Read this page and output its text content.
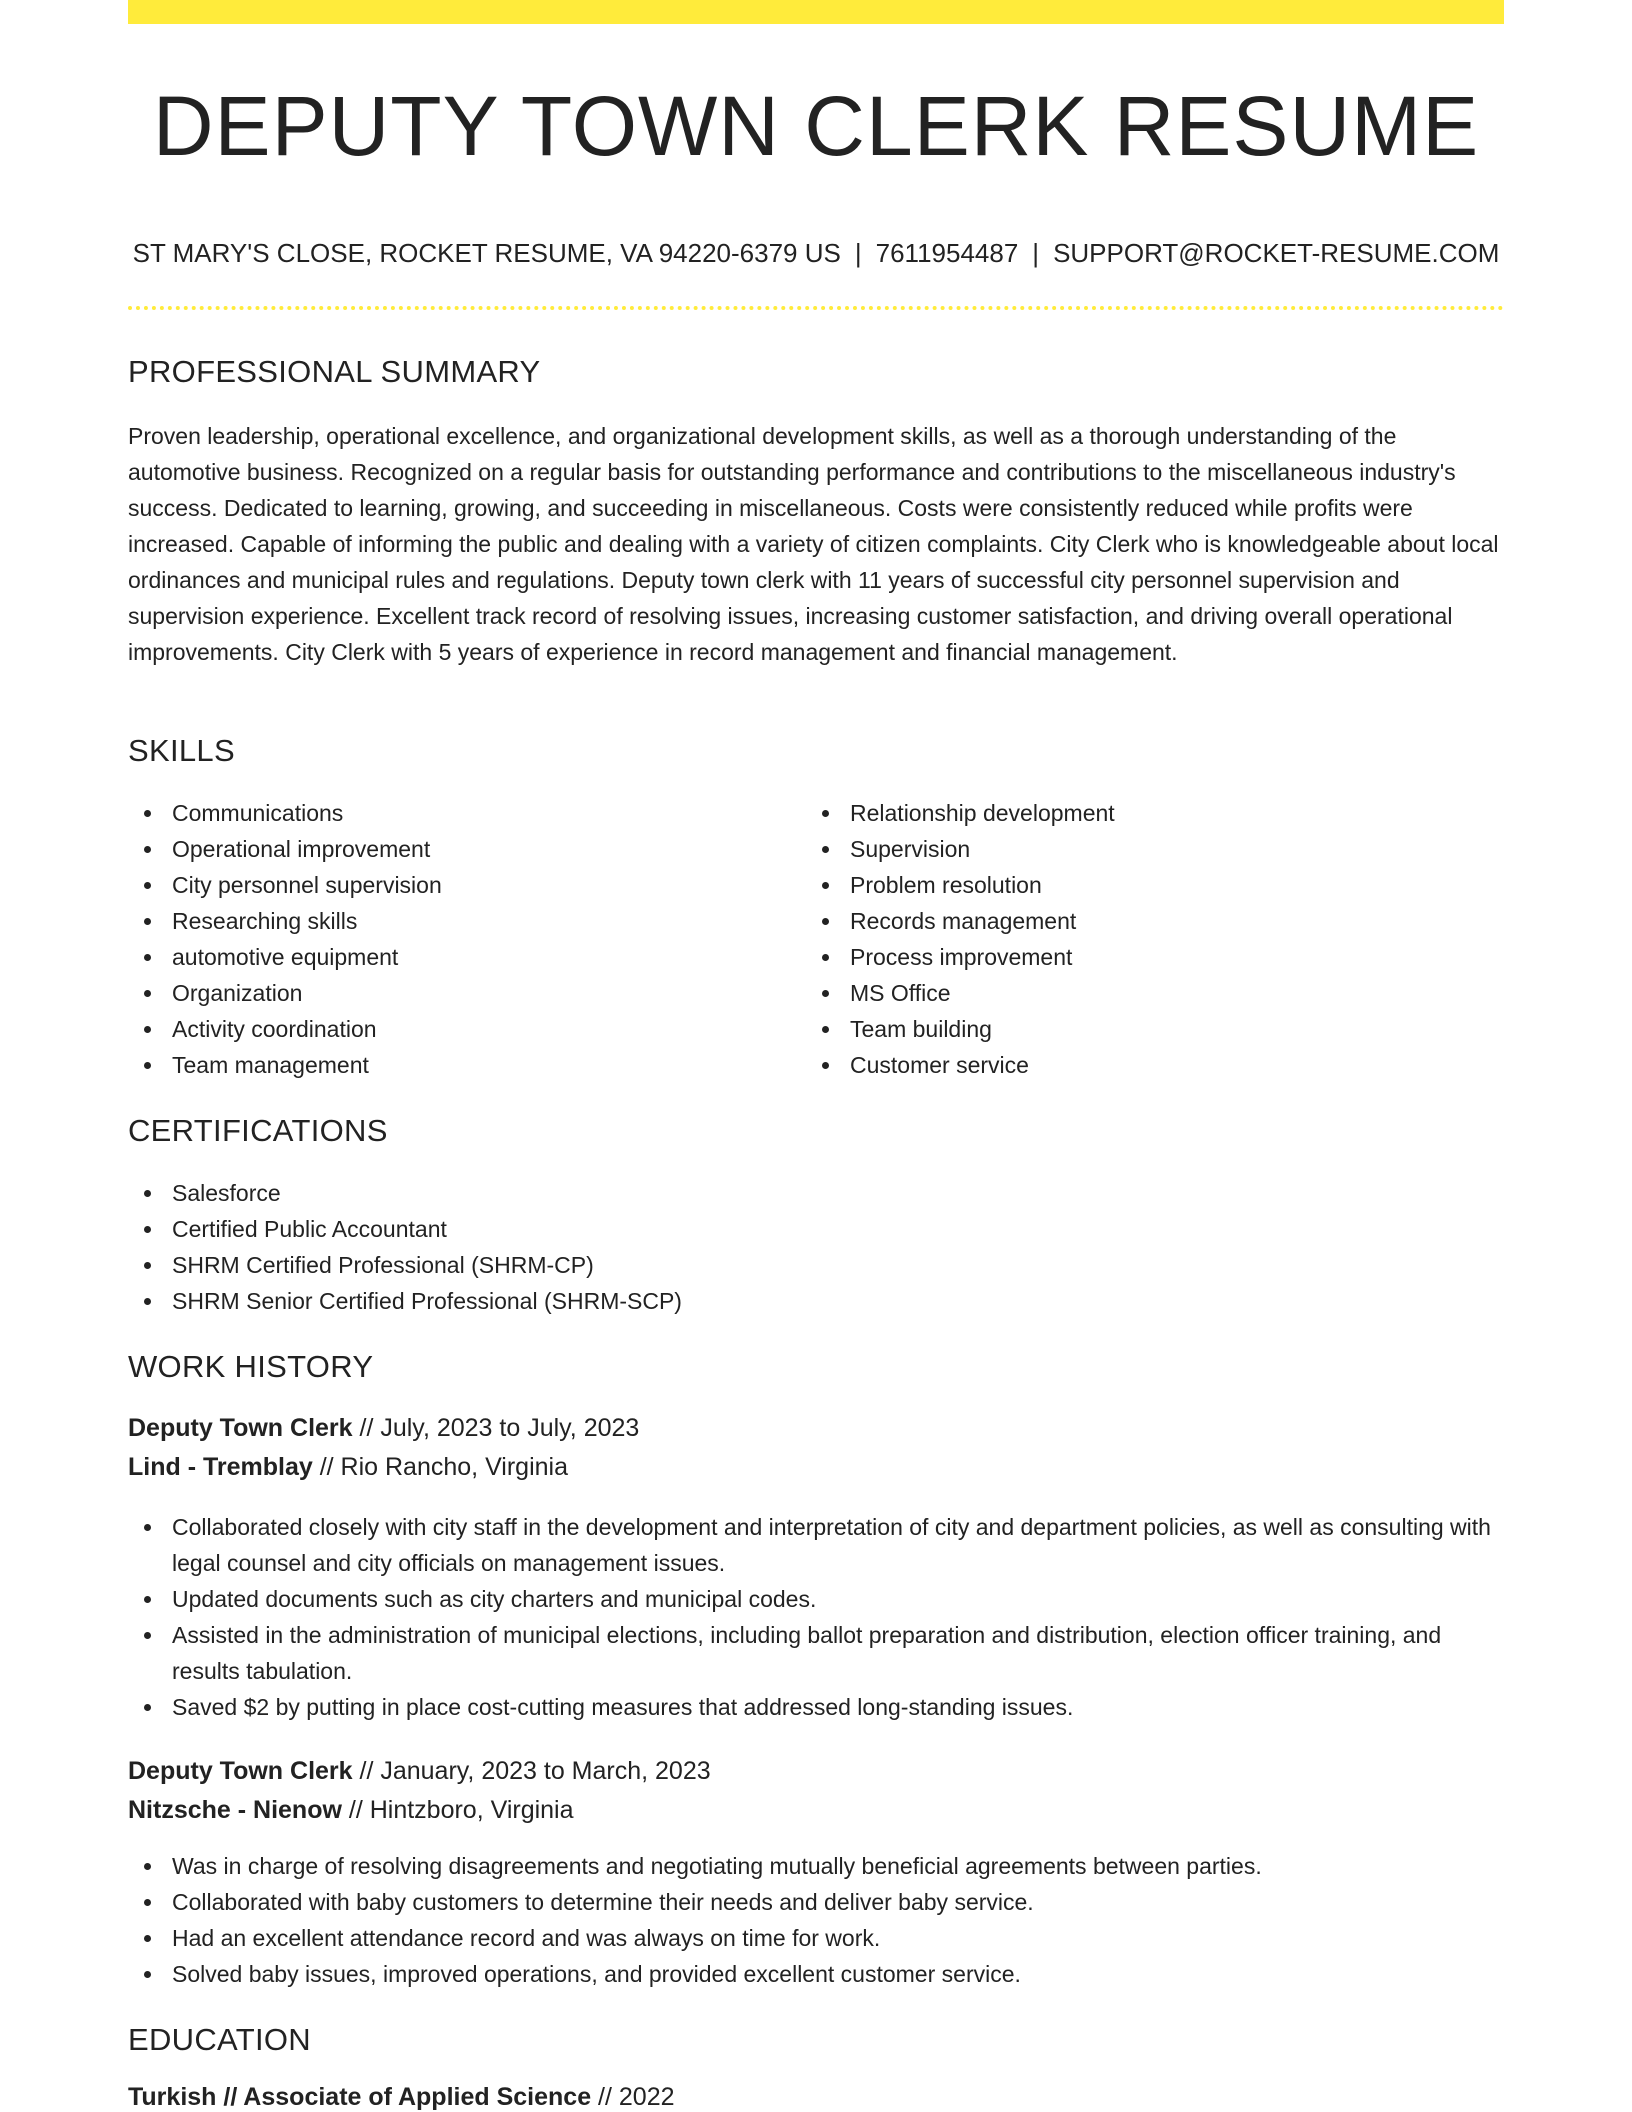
DEPUTY TOWN CLERK RESUME
ST MARY'S CLOSE, ROCKET RESUME, VA 94220-6379 US | 7611954487 | SUPPORT@ROCKET-RESUME.COM
PROFESSIONAL SUMMARY

Proven leadership, operational excellence, and organizational development skills, as well as a thorough understanding of the automotive business. Recognized on a regular basis for outstanding performance and contributions to the miscellaneous industry's success. Dedicated to learning, growing, and succeeding in miscellaneous. Costs were consistently reduced while profits were increased. Capable of informing the public and dealing with a variety of citizen complaints. City Clerk who is knowledgeable about local ordinances and municipal rules and regulations. Deputy town clerk with 11 years of successful city personnel supervision and supervision experience. Excellent track record of resolving issues, increasing customer satisfaction, and driving overall operational improvements. City Clerk with 5 years of experience in record management and financial management.

SKILLS
Communications
Operational improvement
City personnel supervision
Researching skills
automotive equipment
Organization
Activity coordination
Team management
Relationship development
Supervision
Problem resolution
Records management
Process improvement
MS Office
Team building
Customer service
CERTIFICATIONS
Salesforce
Certified Public Accountant
SHRM Certified Professional (SHRM-CP)
SHRM Senior Certified Professional (SHRM-SCP)
WORK HISTORY
Deputy Town Clerk // July, 2023 to July, 2023
Lind - Tremblay // Rio Rancho, Virginia
Collaborated closely with city staff in the development and interpretation of city and department policies, as well as consulting with legal counsel and city officials on management issues.
Updated documents such as city charters and municipal codes.
Assisted in the administration of municipal elections, including ballot preparation and distribution, election officer training, and results tabulation.
Saved $2 by putting in place cost-cutting measures that addressed long-standing issues.
Deputy Town Clerk // January, 2023 to March, 2023
Nitzsche - Nienow // Hintzboro, Virginia
Was in charge of resolving disagreements and negotiating mutually beneficial agreements between parties.
Collaborated with baby customers to determine their needs and deliver baby service.
Had an excellent attendance record and was always on time for work.
Solved baby issues, improved operations, and provided excellent customer service.
EDUCATION
Turkish // Associate of Applied Science // 2022
